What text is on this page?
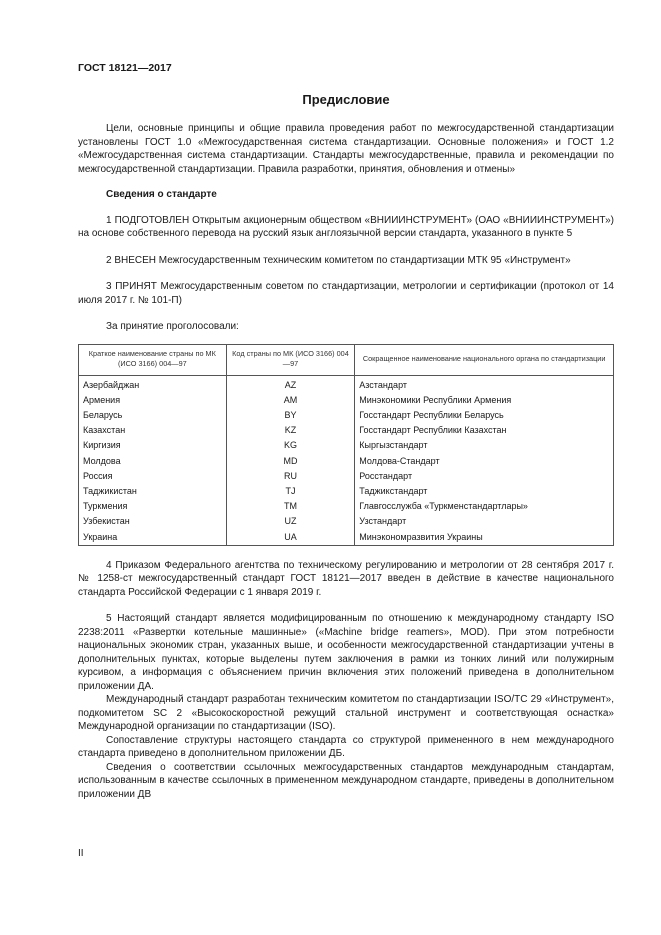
ГОСТ 18121—2017
Предисловие

Цели, основные принципы и общие правила проведения работ по межгосударственной стандартизации установлены ГОСТ 1.0 «Межгосударственная система стандартизации. Основные положения» и ГОСТ 1.2 «Межгосударственная система стандартизации. Стандарты межгосударственные, правила и рекомендации по межгосударственной стандартизации. Правила разработки, принятия, обновления и отмены»

Сведения о стандарте

1 ПОДГОТОВЛЕН Открытым акционерным обществом «ВНИИИНСТРУМЕНТ» (ОАО «ВНИИИНСТРУМЕНТ») на основе собственного перевода на русский язык англоязычной версии стандарта, указанного в пункте 5

2 ВНЕСЕН Межгосударственным техническим комитетом по стандартизации МТК 95 «Инструмент»

3 ПРИНЯТ Межгосударственным советом по стандартизации, метрологии и сертификации (протокол от 14 июля 2017 г. № 101-П)

За принятие проголосовали:

Краткое наименование страны по МК (ИСО 3166) 004—97	Код страны по МК (ИСО 3166) 004—97	Сокращенное наименование национального органа по стандартизации
Азербайджан	AZ	Азстандарт
Армения	AM	Минэкономики Республики Армения
Беларусь	BY	Госстандарт Республики Беларусь
Казахстан	KZ	Госстандарт Республики Казахстан
Киргизия	KG	Кыргызстандарт
Молдова	MD	Молдова-Стандарт
Россия	RU	Росстандарт
Таджикистан	TJ	Таджикстандарт
Туркмения	TM	Главгосслужба «Туркменстандартлары»
Узбекистан	UZ	Узстандарт
Украина	UA	Минэкономразвития Украины

4 Приказом Федерального агентства по техническому регулированию и метрологии от 28 сентября 2017 г. № 1258-ст межгосударственный стандарт ГОСТ 18121—2017 введен в действие в качестве национального стандарта Российской Федерации с 1 января 2019 г.

5 Настоящий стандарт является модифицированным по отношению к международному стандарту ISO 2238:2011 «Развертки котельные машинные» («Machine bridge reamers», MOD). При этом потребности национальных экономик стран, указанных выше, и особенности межгосударственной стандартизации учтены в дополнительных пунктах, которые выделены путем заключения в рамки из тонких линий или полужирным курсивом, а информация с объяснением причин включения этих положений приведена в дополнительном приложении ДА.

Международный стандарт разработан техническим комитетом по стандартизации ISO/TC 29 «Инструмент», подкомитетом SC 2 «Высокоскоростной режущий стальной инструмент и соответствующая оснастка» Международной организации по стандартизации (ISO).

Сопоставление структуры настоящего стандарта со структурой примененного в нем международного стандарта приведено в дополнительном приложении ДБ.

Сведения о соответствии ссылочных межгосударственных стандартов международным стандартам, использованным в качестве ссылочных в примененном международном стандарте, приведены в дополнительном приложении ДВ

II
